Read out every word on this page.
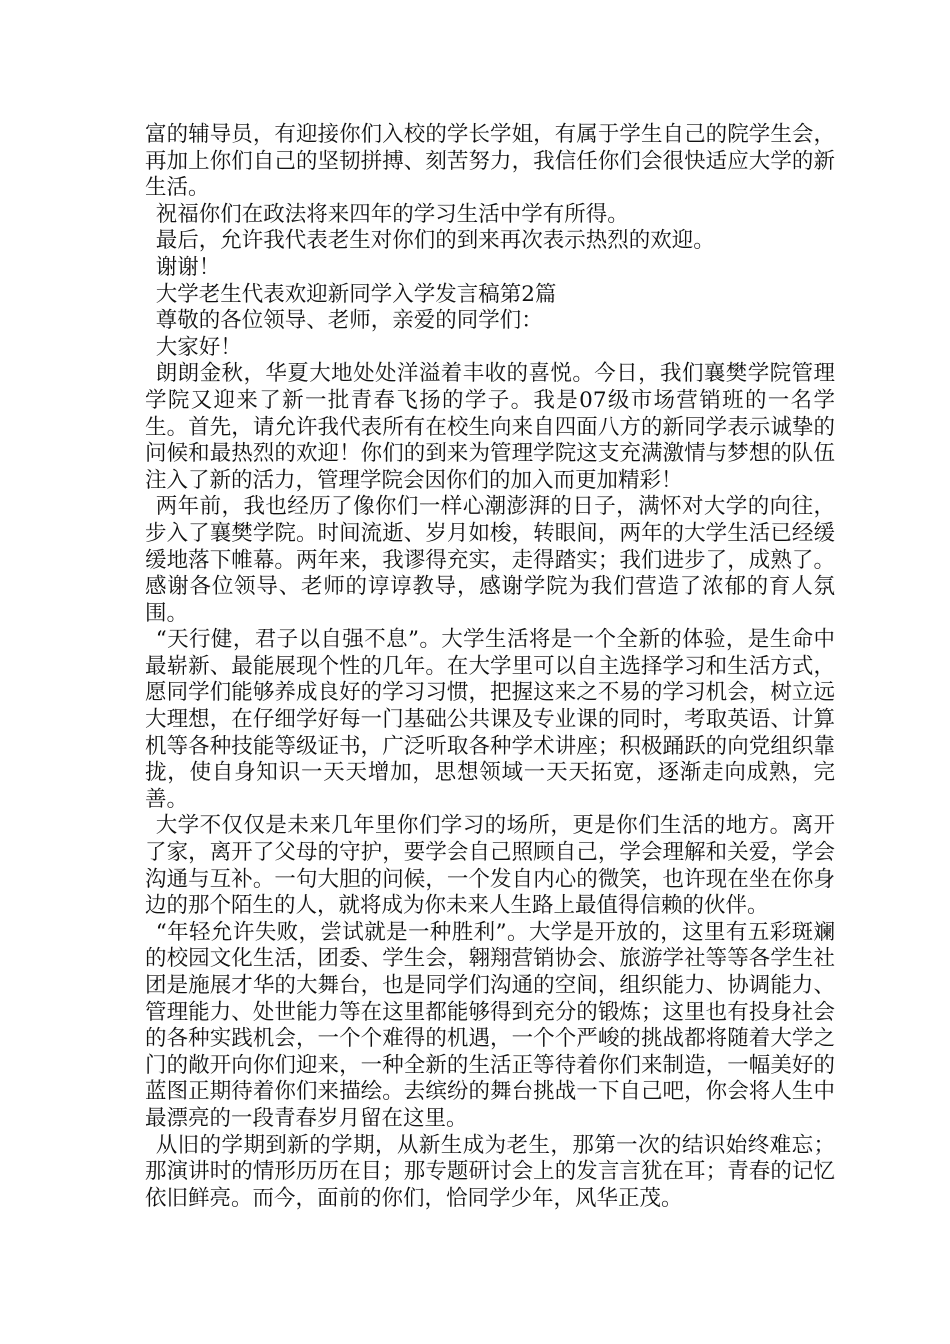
富的辅导员，有迎接你们入校的学长学姐，有属于学生自己的院学生会，再加上你们自己的坚韧拼搏、刻苦努力，我信任你们会很快适应大学的新生活。

祝福你们在政法将来四年的学习生活中学有所得。

最后，允许我代表老生对你们的到来再次表示热烈的欢迎。

谢谢！

大学老生代表欢迎新同学入学发言稿第2篇

尊敬的各位领导、老师，亲爱的同学们：

大家好！

朗朗金秋，华夏大地处处洋溢着丰收的喜悦。今日，我们襄樊学院管理学院又迎来了新一批青春飞扬的学子。我是07级市场营销班的一名学生。首先，请允许我代表所有在校生向来自四面八方的新同学表示诚挚的问候和最热烈的欢迎！你们的到来为管理学院这支充满激情与梦想的队伍注入了新的活力，管理学院会因你们的加入而更加精彩！

两年前，我也经历了像你们一样心潮澎湃的日子，满怀对大学的向往，步入了襄樊学院。时间流逝、岁月如梭，转眼间，两年的大学生活已经缓缓地落下帷幕。两年来，我谬得充实，走得踏实；我们进步了，成熟了。感谢各位领导、老师的谆谆教导，感谢学院为我们营造了浓郁的育人氛围。

“天行健，君子以自强不息”。大学生活将是一个全新的体验，是生命中最崭新、最能展现个性的几年。在大学里可以自主选择学习和生活方式，愿同学们能够养成良好的学习习惯，把握这来之不易的学习机会，树立远大理想，在仔细学好每一门基础公共课及专业课的同时，考取英语、计算机等各种技能等级证书，广泛听取各种学术讲座；积极踊跃的向党组织靠拢，使自身知识一天天增加，思想领域一天天拓宽，逐渐走向成熟，完善。

大学不仅仅是未来几年里你们学习的场所，更是你们生活的地方。离开了家，离开了父母的守护，要学会自己照顾自己，学会理解和关爱，学会沟通与互补。一句大胆的问候，一个发自内心的微笑，也许现在坐在你身边的那个陌生的人，就将成为你未来人生路上最值得信赖的伙伴。

“年轻允许失败，尝试就是一种胜利”。大学是开放的，这里有五彩斑斓的校园文化生活，团委、学生会，翱翔营销协会、旅游学社等等各学生社团是施展才华的大舞台，也是同学们沟通的空间，组织能力、协调能力、管理能力、处世能力等在这里都能够得到充分的锻炼；这里也有投身社会的各种实践机会，一个个难得的机遇，一个个严峻的挑战都将随着大学之门的敞开向你们迎来，一种全新的生活正等待着你们来制造，一幅美好的蓝图正期待着你们来描绘。去缤纷的舞台挑战一下自己吧，你会将人生中最漂亮的一段青春岁月留在这里。

从旧的学期到新的学期，从新生成为老生，那第一次的结识始终难忘；那演讲时的情形历历在目；那专题研讨会上的发言言犹在耳；青春的记忆依旧鲜亮。而今，面前的你们，恰同学少年，风华正茂。
